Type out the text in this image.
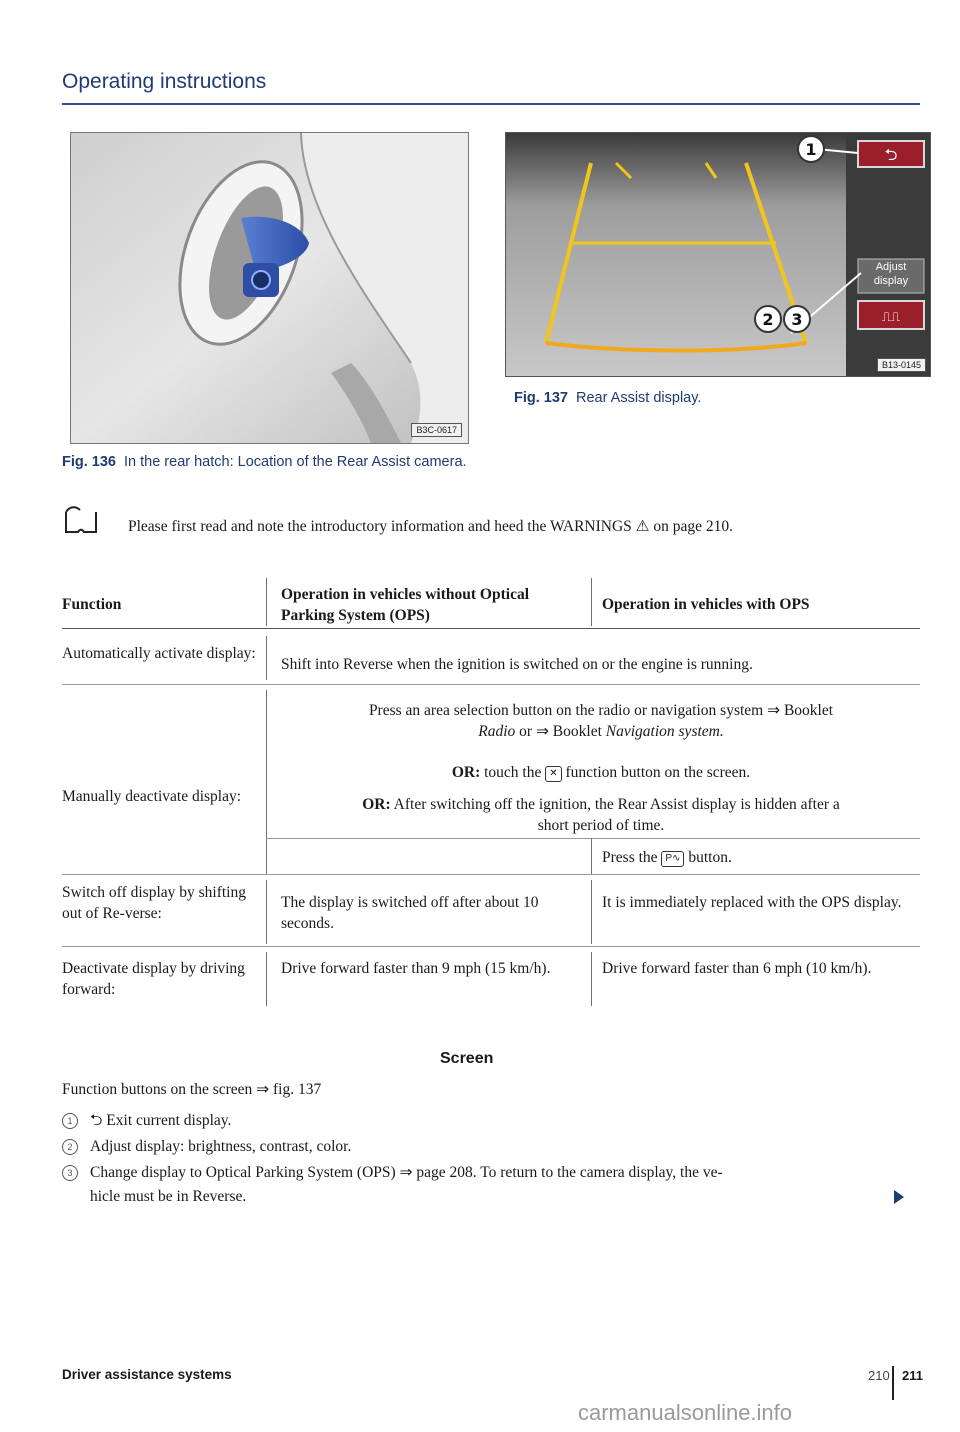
Operating instructions
B3C-0617
Fig. 136 In the rear hatch: Location of the Rear Assist camera.
⮌
⎍⎍
1
2 3
Adjust
display
B13-0145
Fig. 137 Rear Assist display.
Please first read and note the introductory information and heed the WARNINGS ⚠ on page 210.
Function
Operation in vehicles without Optical Parking System (OPS)
Operation in vehicles with OPS
Automatically activate display:
Shift into Reverse when the ignition is switched on or the engine is running.
Manually deactivate display:
Press an area selection button on the radio or navigation system ⇒ Booklet
Radio or ⇒ Booklet Navigation system.
OR: touch the ✕ function button on the screen.
OR: After switching off the ignition, the Rear Assist display is hidden after a
short period of time.
Press the P∿ button.
Switch off display by shifting out of Re-verse:
The display is switched off after about 10 seconds.
It is immediately replaced with the OPS display.
Deactivate display by driving forward:
Drive forward faster than 9 mph (15 km/h).	Drive forward faster than 6 mph (10 km/h).
Screen
Function buttons on the screen ⇒ fig. 137
1 ⮌ Exit current display.
2 Adjust display: brightness, contrast, color.
3 Change display to Optical Parking System (OPS) ⇒ page 208. To return to the camera display, the ve-
hicle must be in Reverse.
Driver assistance systems	210 211
carmanualsonline.info
